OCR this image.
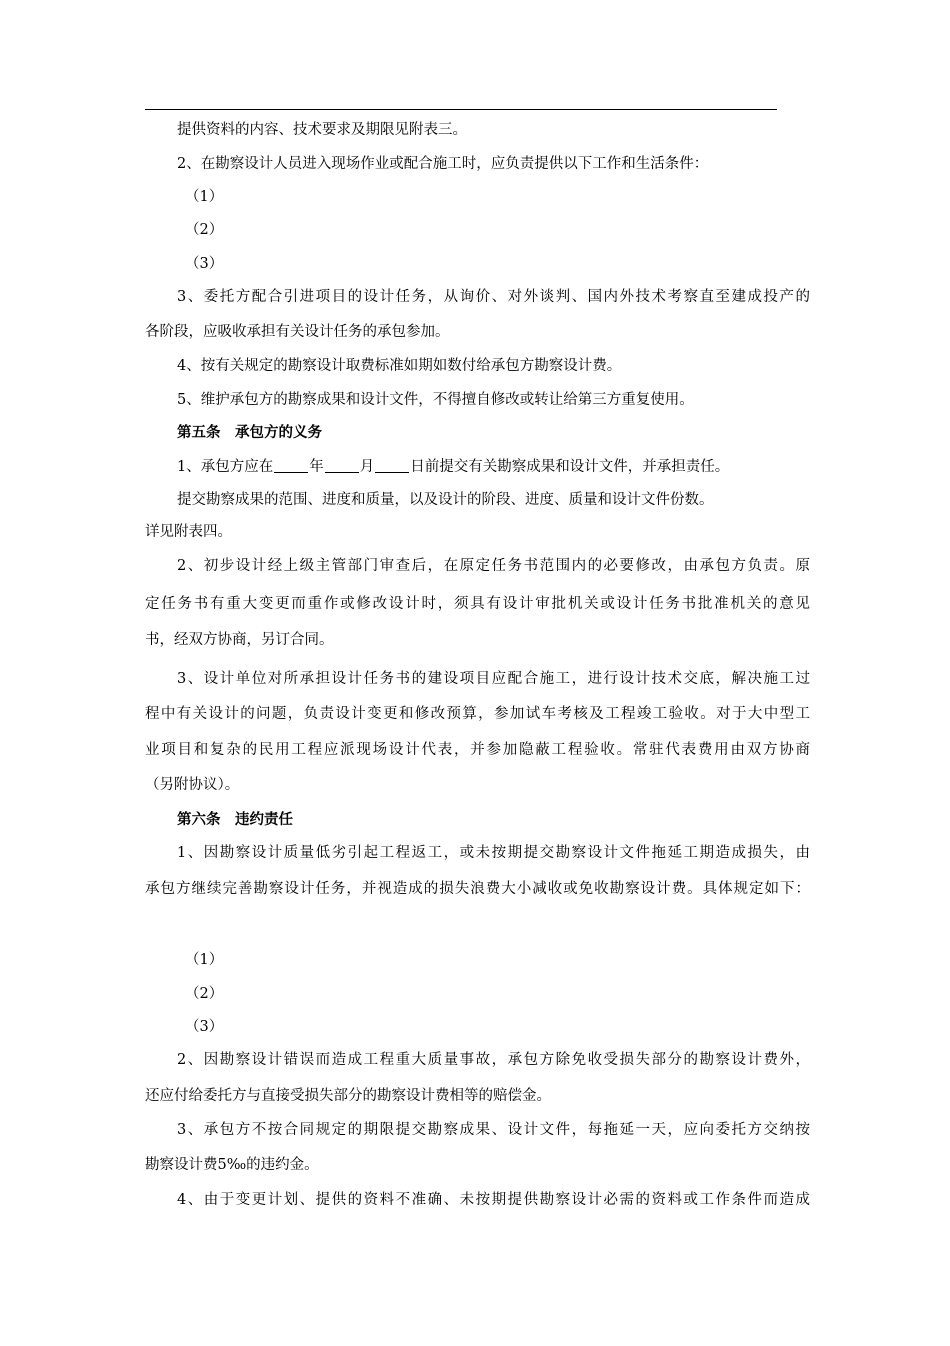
提供资料的内容、技术要求及期限见附表三。
2、在勘察设计人员进入现场作业或配合施工时，应负责提供以下工作和生活条件：
（1）
（2）
（3）
3、委托方配合引进项目的设计任务，从询价、对外谈判、国内外技术考察直至建成投产的
各阶段，应吸收承担有关设计任务的承包参加。
4、按有关规定的勘察设计取费标准如期如数付给承包方勘察设计费。
5、维护承包方的勘察成果和设计文件，不得擅自修改或转让给第三方重复使用。
第五条　承包方的义务
1、承包方应在 年 月 日前提交有关勘察成果和设计文件，并承担责任。
提交勘察成果的范围、进度和质量，以及设计的阶段、进度、质量和设计文件份数。
详见附表四。
2、初步设计经上级主管部门审查后，在原定任务书范围内的必要修改，由承包方负责。原
定任务书有重大变更而重作或修改设计时，须具有设计审批机关或设计任务书批准机关的意见
书，经双方协商，另订合同。
3、设计单位对所承担设计任务书的建设项目应配合施工，进行设计技术交底，解决施工过
程中有关设计的问题，负责设计变更和修改预算，参加试车考核及工程竣工验收。对于大中型工
业项目和复杂的民用工程应派现场设计代表，并参加隐蔽工程验收。常驻代表费用由双方协商
（另附协议）。
第六条　违约责任
1、因勘察设计质量低劣引起工程返工，或未按期提交勘察设计文件拖延工期造成损失，由
承包方继续完善勘察设计任务，并视造成的损失浪费大小减收或免收勘察设计费。具体规定如下：
（1）
（2）
（3）
2、因勘察设计错误而造成工程重大质量事故，承包方除免收受损失部分的勘察设计费外，
还应付给委托方与直接受损失部分的勘察设计费相等的赔偿金。
3、承包方不按合同规定的期限提交勘察成果、设计文件，每拖延一天，应向委托方交纳按
勘察设计费5‰的违约金。
4、由于变更计划、提供的资料不准确、未按期提供勘察设计必需的资料或工作条件而造成
